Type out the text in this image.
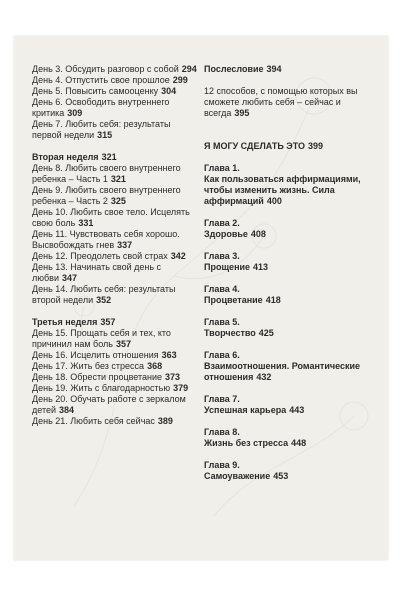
День 3. Обсудить разговор с собой 294

День 4. Отпустить свое прошлое 299

День 5. Повысить самооценку 304

День 6. Освободить внутреннего критика 309

День 7. Любить себя: результаты первой недели 315

Вторая неделя 321

День 8. Любить своего внутреннего ребенка – Часть 1 321

День 9. Любить своего внутреннего ребенка – Часть 2 325

День 10. Любить свое тело. Исцелять свою боль 331

День 11. Чувствовать себя хорошо. Высвобождать гнев 337

День 12. Преодолеть свой страх 342

День 13. Начинать свой день с любви 347

День 14. Любить себя: результаты второй недели 352

Третья неделя 357

День 15. Прощать себя и тех, кто причинил нам боль 357

День 16. Исцелить отношения 363

День 17. Жить без стресса 368

День 18. Обрести процветание 373

День 19. Жить с благодарностью 379

День 20. Обучать работе с зеркалом детей 384

День 21. Любить себя сейчас 389

Послесловие 394

12 способов, с помощью которых вы сможете любить себя – сейчас и всегда 395

Я МОГУ СДЕЛАТЬ ЭТО 399

Глава 1.

Как пользоваться аффирмациями, чтобы изменить жизнь. Сила аффирмаций 400

Глава 2.

Здоровье 408

Глава 3.

Прощение 413

Глава 4.

Процветание 418

Глава 5.

Творчество 425

Глава 6.

Взаимоотношения. Романтические отношения 432

Глава 7.

Успешная карьера 443

Глава 8.

Жизнь без стресса 448

Глава 9.

Самоуважение 453
